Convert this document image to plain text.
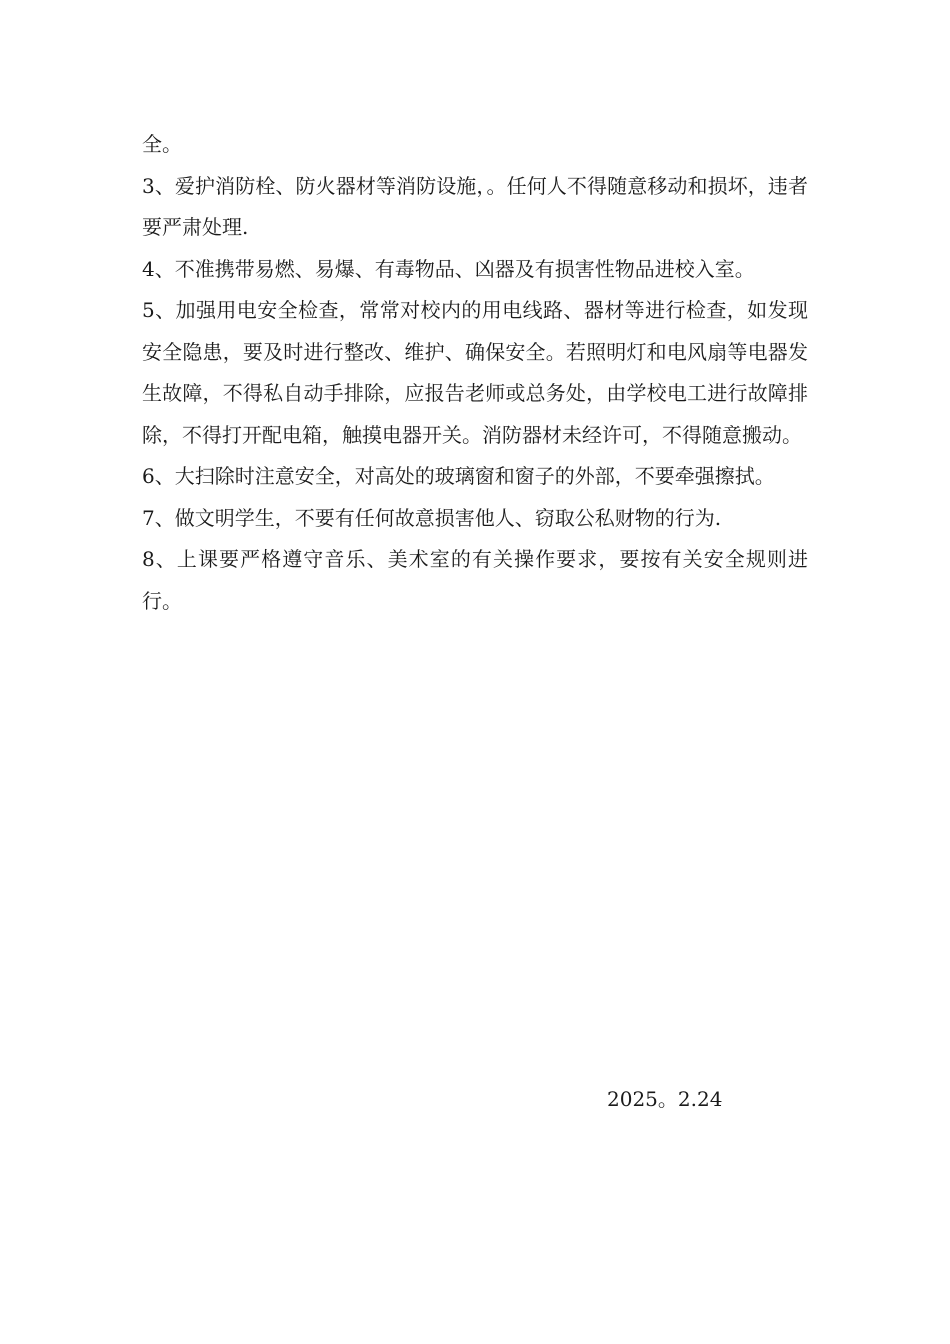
全。

3、爱护消防栓、防火器材等消防设施，。任何人不得随意移动和损坏，违者要严肃处理.

4、不准携带易燃、易爆、有毒物品、凶器及有损害性物品进校入室。

5、加强用电安全检查，常常对校内的用电线路、器材等进行检查，如发现安全隐患，要及时进行整改、维护、确保安全。若照明灯和电风扇等电器发生故障，不得私自动手排除，应报告老师或总务处，由学校电工进行故障排除，不得打开配电箱，触摸电器开关。消防器材未经许可，不得随意搬动。

6、大扫除时注意安全，对高处的玻璃窗和窗子的外部，不要牵强擦拭。

7、做文明学生，不要有任何故意损害他人、窃取公私财物的行为.

8、上课要严格遵守音乐、美术室的有关操作要求，要按有关安全规则进行。

2025。2.24
